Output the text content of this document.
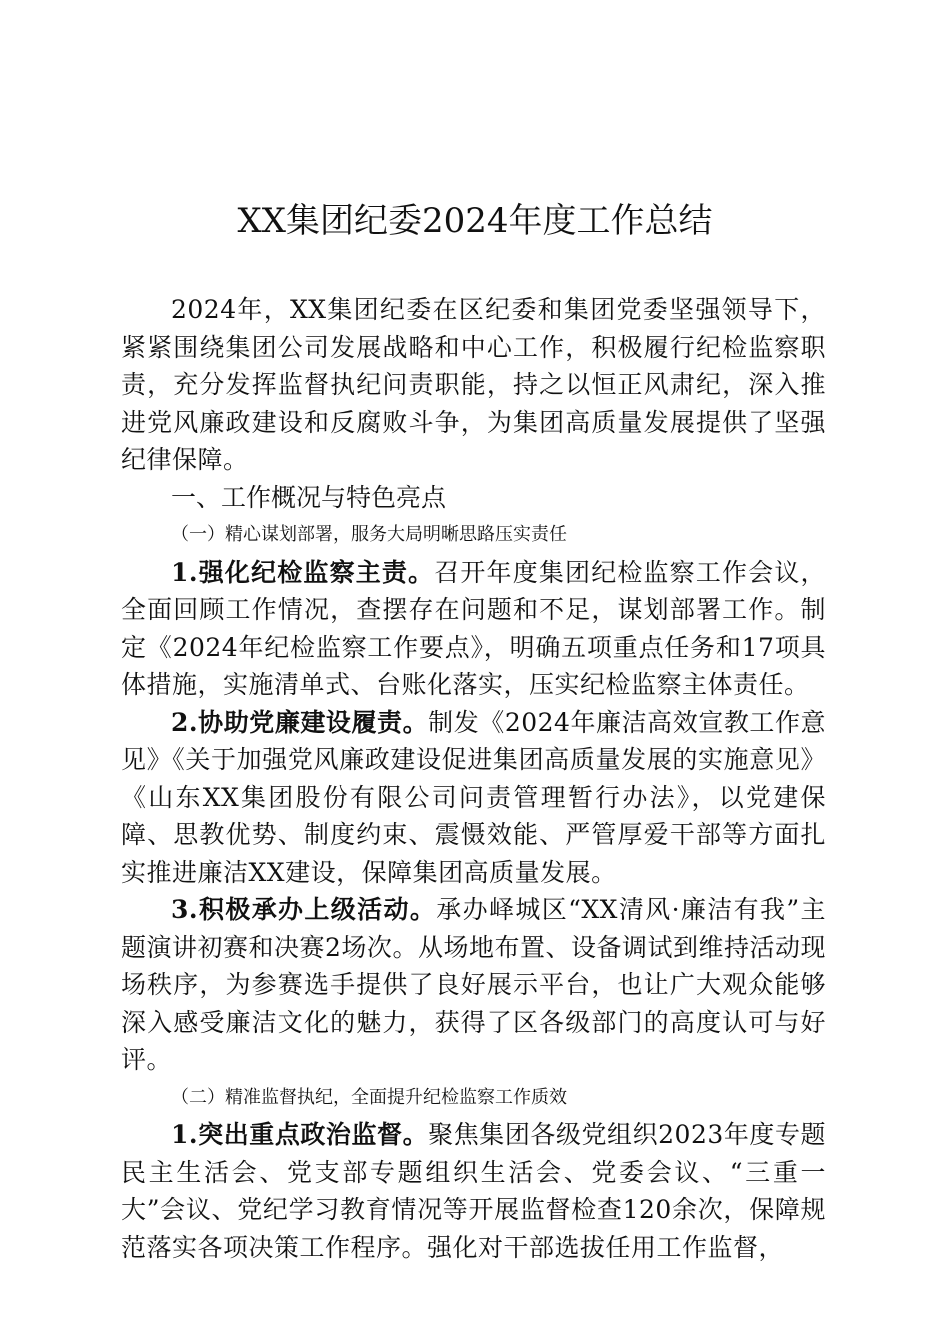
XX集团纪委2024年度工作总结

2024年，XX集团纪委在区纪委和集团党委坚强领导下，紧紧围绕集团公司发展战略和中心工作，积极履行纪检监察职责，充分发挥监督执纪问责职能，持之以恒正风肃纪，深入推进党风廉政建设和反腐败斗争，为集团高质量发展提供了坚强纪律保障。

一、工作概况与特色亮点

（一）精心谋划部署，服务大局明晰思路压实责任

1.强化纪检监察主责。召开年度集团纪检监察工作会议，全面回顾工作情况，查摆存在问题和不足，谋划部署工作。制定《2024年纪检监察工作要点》，明确五项重点任务和17项具体措施，实施清单式、台账化落实，压实纪检监察主体责任。

2.协助党廉建设履责。制发《2024年廉洁高效宣教工作意见》《关于加强党风廉政建设促进集团高质量发展的实施意见》《山东XX集团股份有限公司问责管理暂行办法》，以党建保障、思教优势、制度约束、震慑效能、严管厚爱干部等方面扎实推进廉洁XX建设，保障集团高质量发展。

3.积极承办上级活动。承办峄城区“XX清风·廉洁有我”主题演讲初赛和决赛2场次。从场地布置、设备调试到维持活动现场秩序，为参赛选手提供了良好展示平台，也让广大观众能够深入感受廉洁文化的魅力，获得了区各级部门的高度认可与好评。

（二）精准监督执纪，全面提升纪检监察工作质效

1.突出重点政治监督。聚焦集团各级党组织2023年度专题民主生活会、党支部专题组织生活会、党委会议、“三重一大”会议、党纪学习教育情况等开展监督检查120余次，保障规范落实各项决策工作程序。强化对干部选拔任用工作监督，
